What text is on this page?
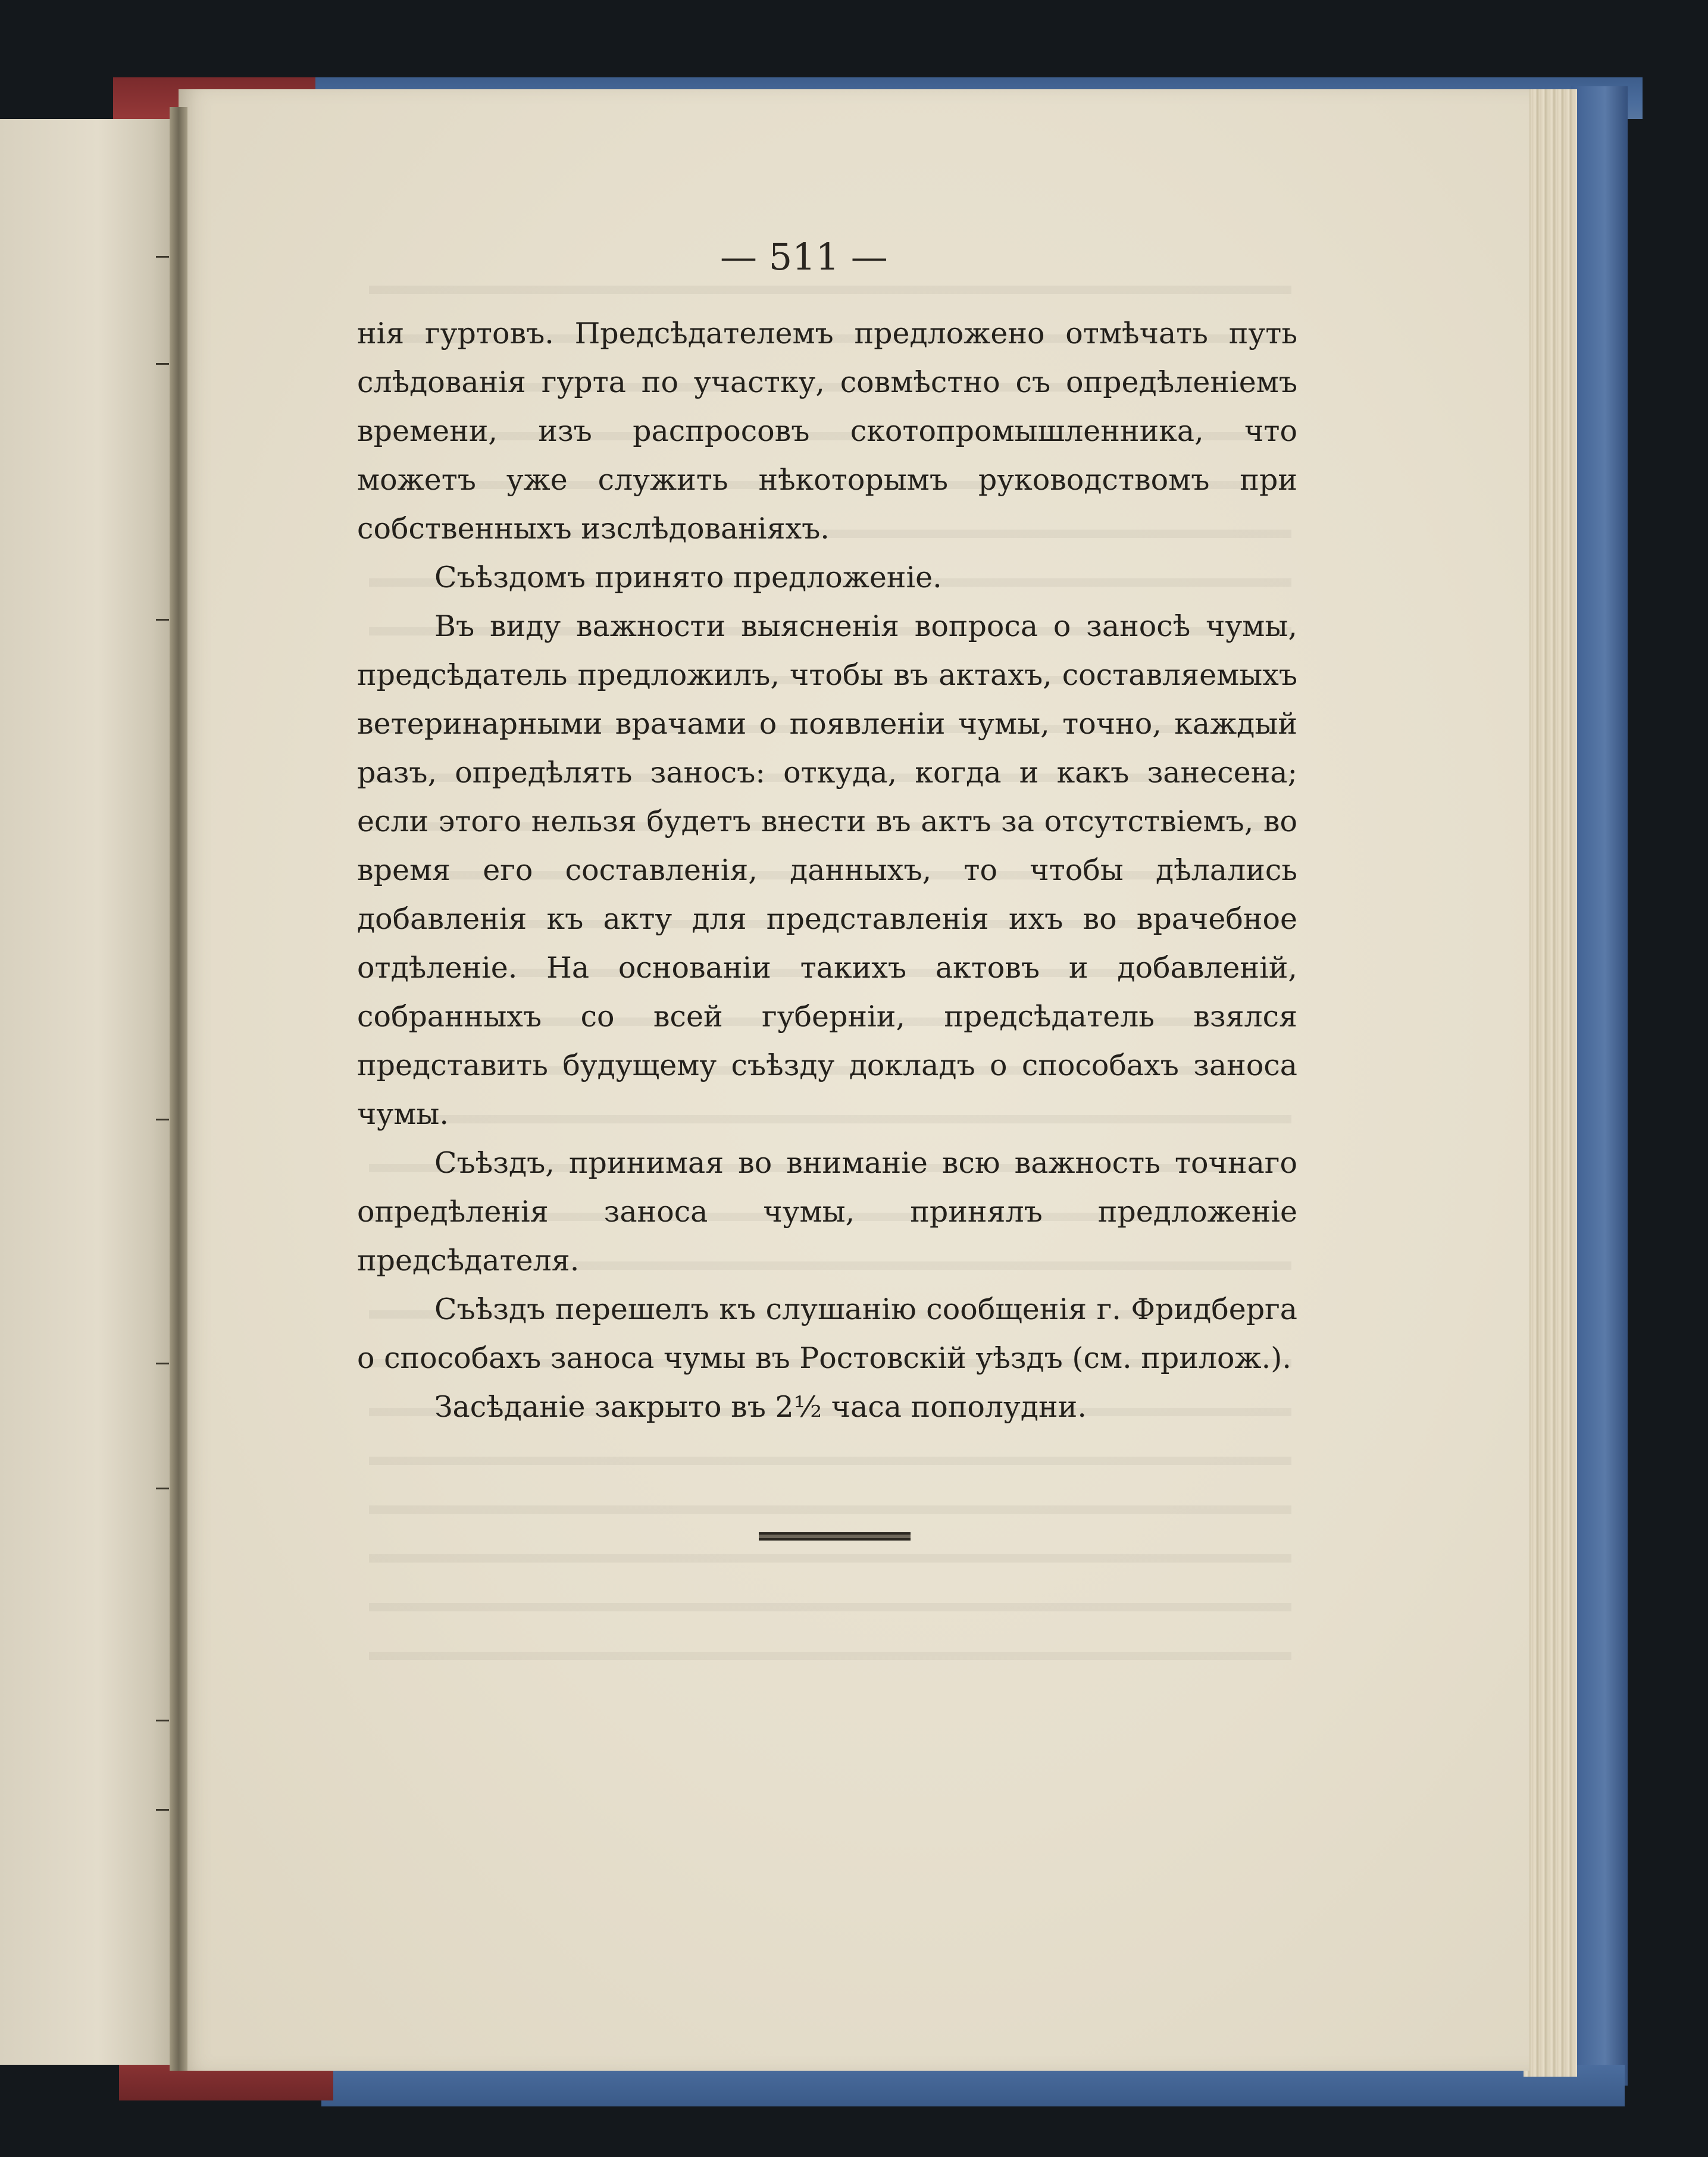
— 511 —

нія гуртовъ. Предсѣдателемъ предложено отмѣчать путь слѣдованія гурта по участку, совмѣстно съ опредѣленіемъ времени, изъ распросовъ скотопромышленника, что можетъ уже служить нѣкоторымъ руководствомъ при собственныхъ изслѣдованіяхъ.

Съѣздомъ принято предложеніе.

Въ виду важности выясненія вопроса о заносѣ чумы, предсѣдатель предложилъ, чтобы въ актахъ, составляемыхъ ветеринарными врачами о появленіи чумы, точно, каждый разъ, опредѣлять заносъ: откуда, когда и какъ занесена; если этого нельзя будетъ внести въ актъ за отсутствіемъ, во время его составленія, данныхъ, то чтобы дѣлались добавленія къ акту для представленія ихъ во врачебное отдѣленіе. На основаніи такихъ актовъ и добавленій, собранныхъ со всей губерніи, предсѣдатель взялся представить будущему съѣзду докладъ о способахъ заноса чумы.

Съѣздъ, принимая во вниманіе всю важность точнаго опредѣленія заноса чумы, принялъ предложеніе предсѣдателя.

Съѣздъ перешелъ къ слушанію сообщенія г. Фридберга о способахъ заноса чумы въ Ростовскій уѣздъ (см. прилож.).

Засѣданіе закрыто въ 2½ часа пополудни.
